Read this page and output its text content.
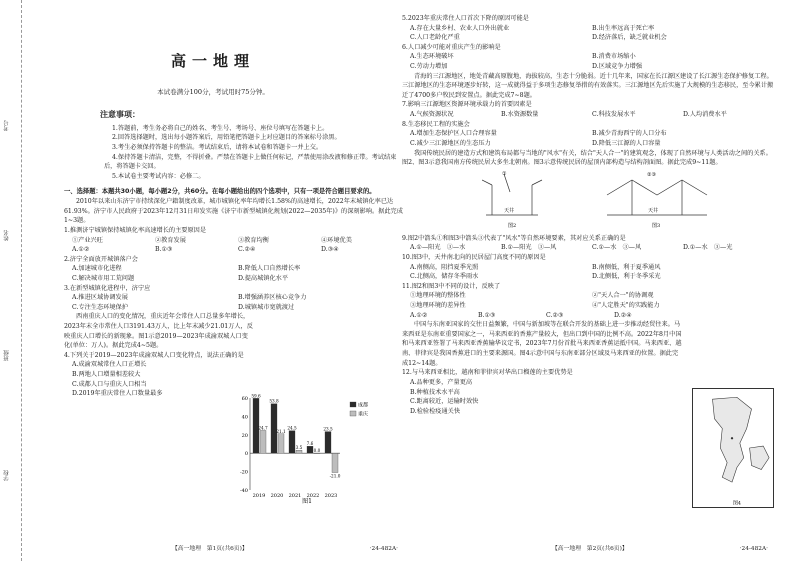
考号
姓名
班级
学校
高一地理
本试卷满分100分，考试用时75分钟。
注意事项：

1.答题前，考生务必将自己的姓名、考生号、考场号、座位号填写在答题卡上。

2.回答选择题时，选出每小题答案后，用铅笔把答题卡上对应题目的答案标号涂黑。

3.考生必须保持答题卡的整洁。考试结束后，请将本试卷和答题卡一并上交。

4.保持答题卡清洁，完整，不得折叠。严禁在答题卡上做任何标记，严禁使用涂改液和修正带。考试结束后，将答题卡交回。

5.本试卷主要考试内容：必修二。

一、选择题：本题共30小题，每小题2分，共60分。在每小题给出的四个选项中，只有一项是符合题目要求的。
2010年以来山东济宁市持续深化户籍制度改革，城市城镇化率年均增长1.58%的高速增长，2022年末城镇化率已达61.93%。济宁市人民政府于2023年12月31日印发实施《济宁市新型城镇化规划(2022—2035年)》的深刻影响。据此完成1~3题。
1.推测济宁城镇保持城镇化率高速增长的主要原因是
①产业兴旺	②教育发展	③教育均衡	④环境优美
A.①②	B.①③	C.②④	D.③④
2.济宁全面放开城镇落户会
A.加速城市化进程	B.降低人口自然增长率
C.解决城市用工荒问题	D.提高城镇化水平
3.在新型城镇化进程中，济宁应
A.推进区域协调发展	B.增强涵养区核心竞争力
C.专注生态环境保护	D.城镇城市宽就渡过
西南重庆人口的变化情况，重庆近年会常住人口总量多年增长，2023年末全市常住人口3191.43万人，比上年末减少21.01万人，反映重庆人口增长的新现象。图1示意2019—2023年成渝双城人口变化(单位：万人)。据此完成4~5题。
4.下列关于2019—2023年成渝双城人口变化特点，说法正确的是
A.成渝双城常住人口正增长
B.两地人口增量相差较大
C.成都人口与重庆人口相当
D.2019年重庆常住人口数量最多
【高一地理　第1页(共6页)】	·24-482A·
60
40
20
0
-20
-40
59.6
24.7
2019
53.8
21.1
2020
24.5
3.5
2021
7.6
0.0
2022
23.5
-21.0
2023
成都
重庆
图1
5.2023年重庆常住人口首次下降的原因可能是
A.存在大量乡村、农业人口外出就业	B.出生率远高于死亡率
C.人口老龄化严重	D.经济落后，缺乏就业机会
6.人口减少可能对重庆产生的影响是
A.生态环境破坏	B.消费市场缩小
C.劳动力增加	D.区域竞争力增强
青海的三江源地区，地处青藏高原腹地，海拔较高，生态十分脆弱。近十几年来，国家在长江源区建设了长江源生态保护修复工程。三江源地区的生态环境逐步好转，这一成就得益于多项生态修复举措的有效落实。三江源地区先后实施了大规模的生态移民，至今累计搬迁了4700多户牧民到安置点。据此完成7~8题。
7.影响三江源地区资源环境承载力的首要因素是
A.气候资源状况	B.水资源数量	C.科技发展水平	D.人均消费水平
8.生态移民工程的实施会
A.增加生态保护区人口合理容量	B.减少青海西宁的人口分布
C.减少三江源地区的生态压力	D.降低三江源的人口容量
我国传统民居的建造方式和建筑布局都与当地的"风水"有关，结合"天人合一"的建筑观念，体现了自然环境与人类活动之间的关系。图2、图3示意我国南方传统民居大多坐北朝南。图3示意传统民居的屋顶内部构造与结构剖面图。据此完成9~11题。
①
天井
图2
②③
天井
图3
9.图2中箭头①和图3中箭头③代表了"风水"等自然环境要素，其对应关系正确的是
A.①—阳光　③—水	B.①—阳光　③—风	C.①—水　③—风	D.①—水　③—光
10.图3中，天井南北向的民居屋门高度不同的原因是
A.南侧高，阻挡夏季光照	B.南侧低，利于夏季通风
C.北侧高，储存冬季雨水	D.北侧低，利于冬季采光
11.图2和图3中不同的设计，反映了
①地理环境的整体性	②"天人合一"的协调观
③地理环境的差异性	④"人定胜天"的实践能力
A.①②	B.①③	C.②③	D.②④
中国与东南亚国家的交往日益频繁，中国与新加坡等在联合开发的基础上进一步推动经贸往来。马来西亚是东南亚重要国家之一，马来西亚的香蕉产量较大，但出口到中国的比例不高。2022年8月中国和马来西亚签署了马来西亚香蕉输华议定书，2023年7月份首批马来西亚香蕉运抵中国。马来西亚、越南、菲律宾是我国香蕉进口的主要来源国。图4示意中国与东南亚部分区域及马来西亚的位置。据此完成12~14题。
12.与马来西亚相比，越南和菲律宾对华出口榴莲的主要优势是
A.品种更多，产量更高
B.种植技术水平高
C.距离较近，运输时效快
D.检验检疫通关快
图4
【高一地理　第2页(共6页)】	·24-482A·
